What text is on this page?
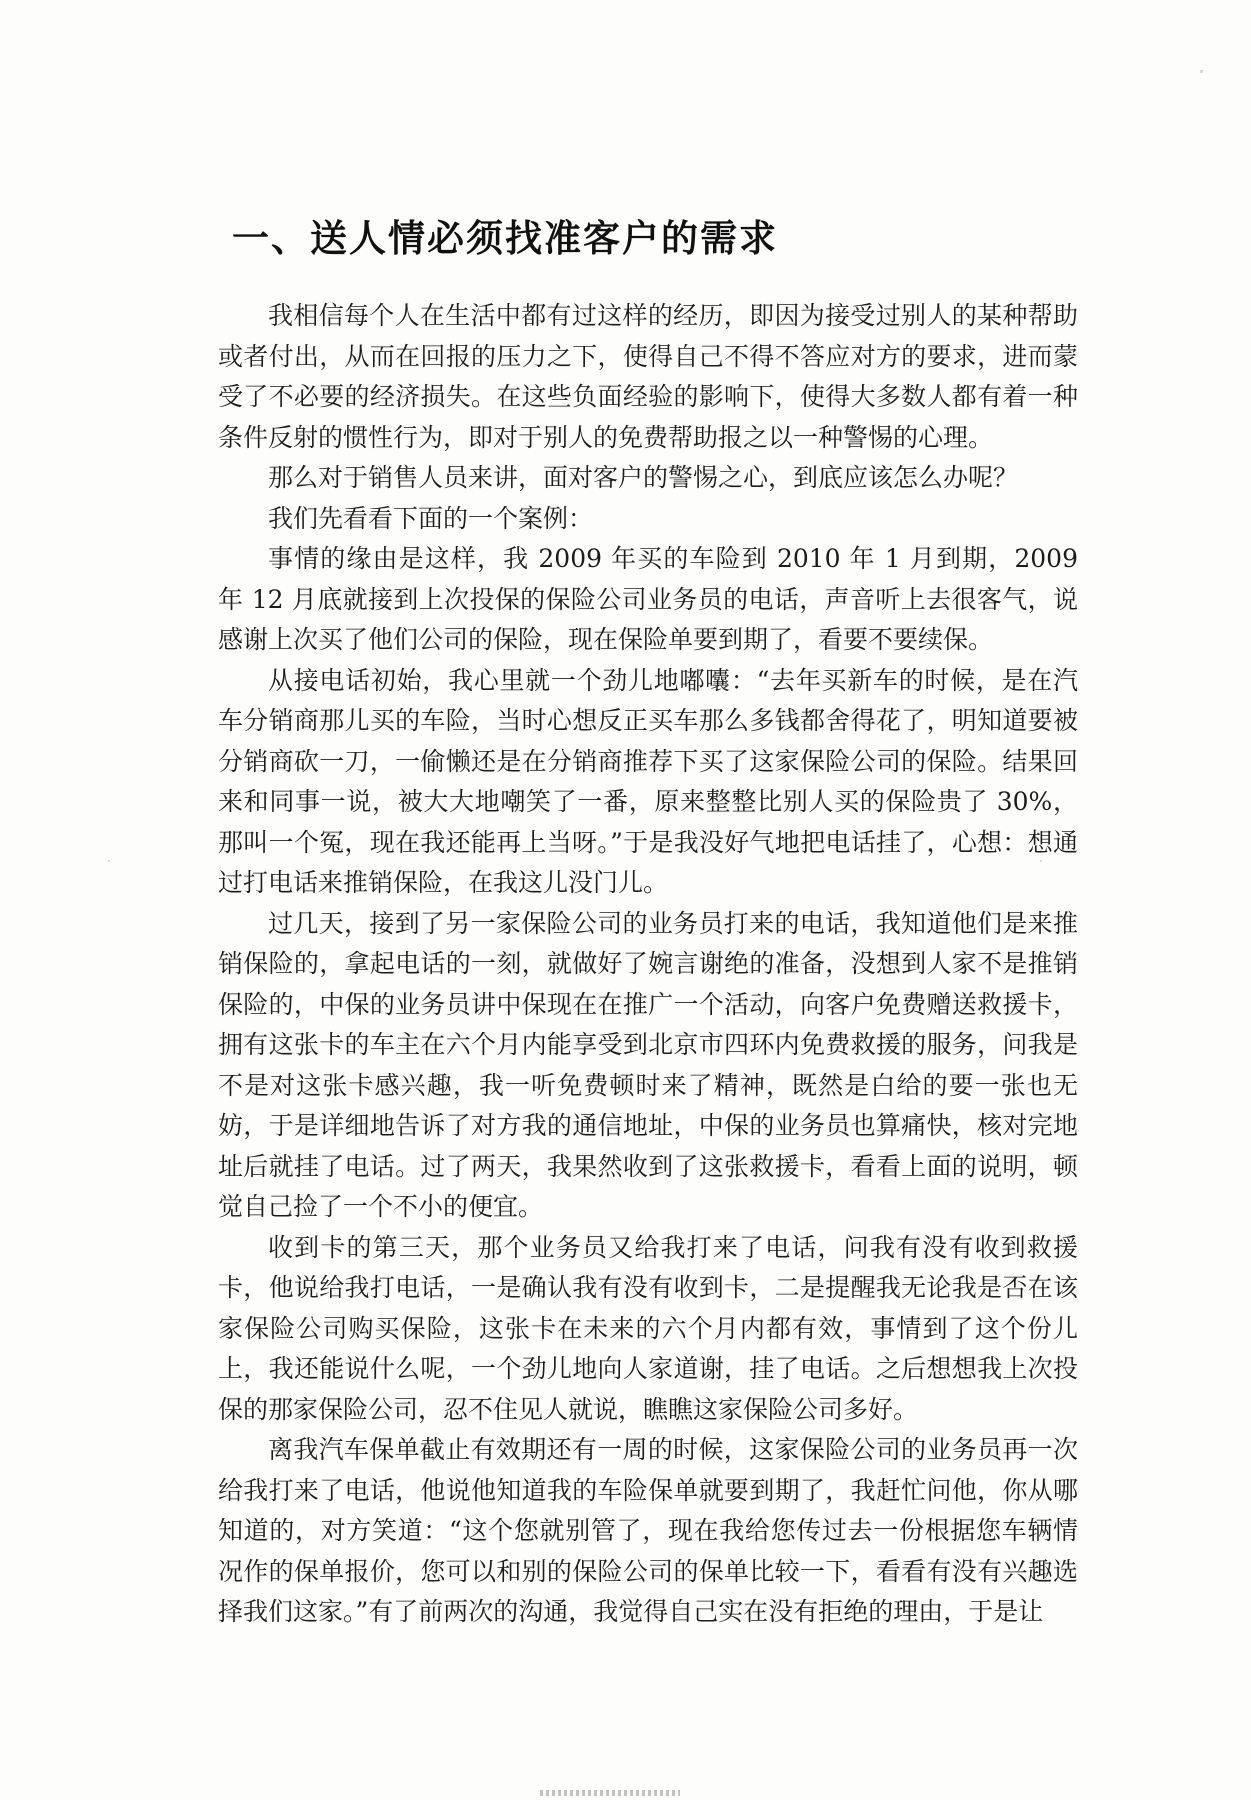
一、送人情必须找准客户的需求

我相信每个人在生活中都有过这样的经历，即因为接受过别人的某种帮助或者付出，从而在回报的压力之下，使得自己不得不答应对方的要求，进而蒙受了不必要的经济损失。在这些负面经验的影响下，使得大多数人都有着一种条件反射的惯性行为，即对于别人的免费帮助报之以一种警惕的心理。

那么对于销售人员来讲，面对客户的警惕之心，到底应该怎么办呢？

我们先看看下面的一个案例：

事情的缘由是这样，我 2009 年买的车险到 2010 年 1 月到期，2009 年 12 月底就接到上次投保的保险公司业务员的电话，声音听上去很客气，说感谢上次买了他们公司的保险，现在保险单要到期了，看要不要续保。

从接电话初始，我心里就一个劲儿地嘟囔：“去年买新车的时候，是在汽车分销商那儿买的车险，当时心想反正买车那么多钱都舍得花了，明知道要被分销商砍一刀，一偷懒还是在分销商推荐下买了这家保险公司的保险。结果回来和同事一说，被大大地嘲笑了一番，原来整整比别人买的保险贵了 30%，那叫一个冤，现在我还能再上当呀。”于是我没好气地把电话挂了，心想：想通过打电话来推销保险，在我这儿没门儿。

过几天，接到了另一家保险公司的业务员打来的电话，我知道他们是来推销保险的，拿起电话的一刻，就做好了婉言谢绝的准备，没想到人家不是推销保险的，中保的业务员讲中保现在在推广一个活动，向客户免费赠送救援卡，拥有这张卡的车主在六个月内能享受到北京市四环内免费救援的服务，问我是不是对这张卡感兴趣，我一听免费顿时来了精神，既然是白给的要一张也无妨，于是详细地告诉了对方我的通信地址，中保的业务员也算痛快，核对完地址后就挂了电话。过了两天，我果然收到了这张救援卡，看看上面的说明，顿觉自己捡了一个不小的便宜。

收到卡的第三天，那个业务员又给我打来了电话，问我有没有收到救援卡，他说给我打电话，一是确认我有没有收到卡，二是提醒我无论我是否在该家保险公司购买保险，这张卡在未来的六个月内都有效，事情到了这个份儿上，我还能说什么呢，一个劲儿地向人家道谢，挂了电话。之后想想我上次投保的那家保险公司，忍不住见人就说，瞧瞧这家保险公司多好。

离我汽车保单截止有效期还有一周的时候，这家保险公司的业务员再一次给我打来了电话，他说他知道我的车险保单就要到期了，我赶忙问他，你从哪知道的，对方笑道：“这个您就别管了，现在我给您传过去一份根据您车辆情况作的保单报价，您可以和别的保险公司的保单比较一下，看看有没有兴趣选择我们这家。”有了前两次的沟通，我觉得自己实在没有拒绝的理由，于是让
